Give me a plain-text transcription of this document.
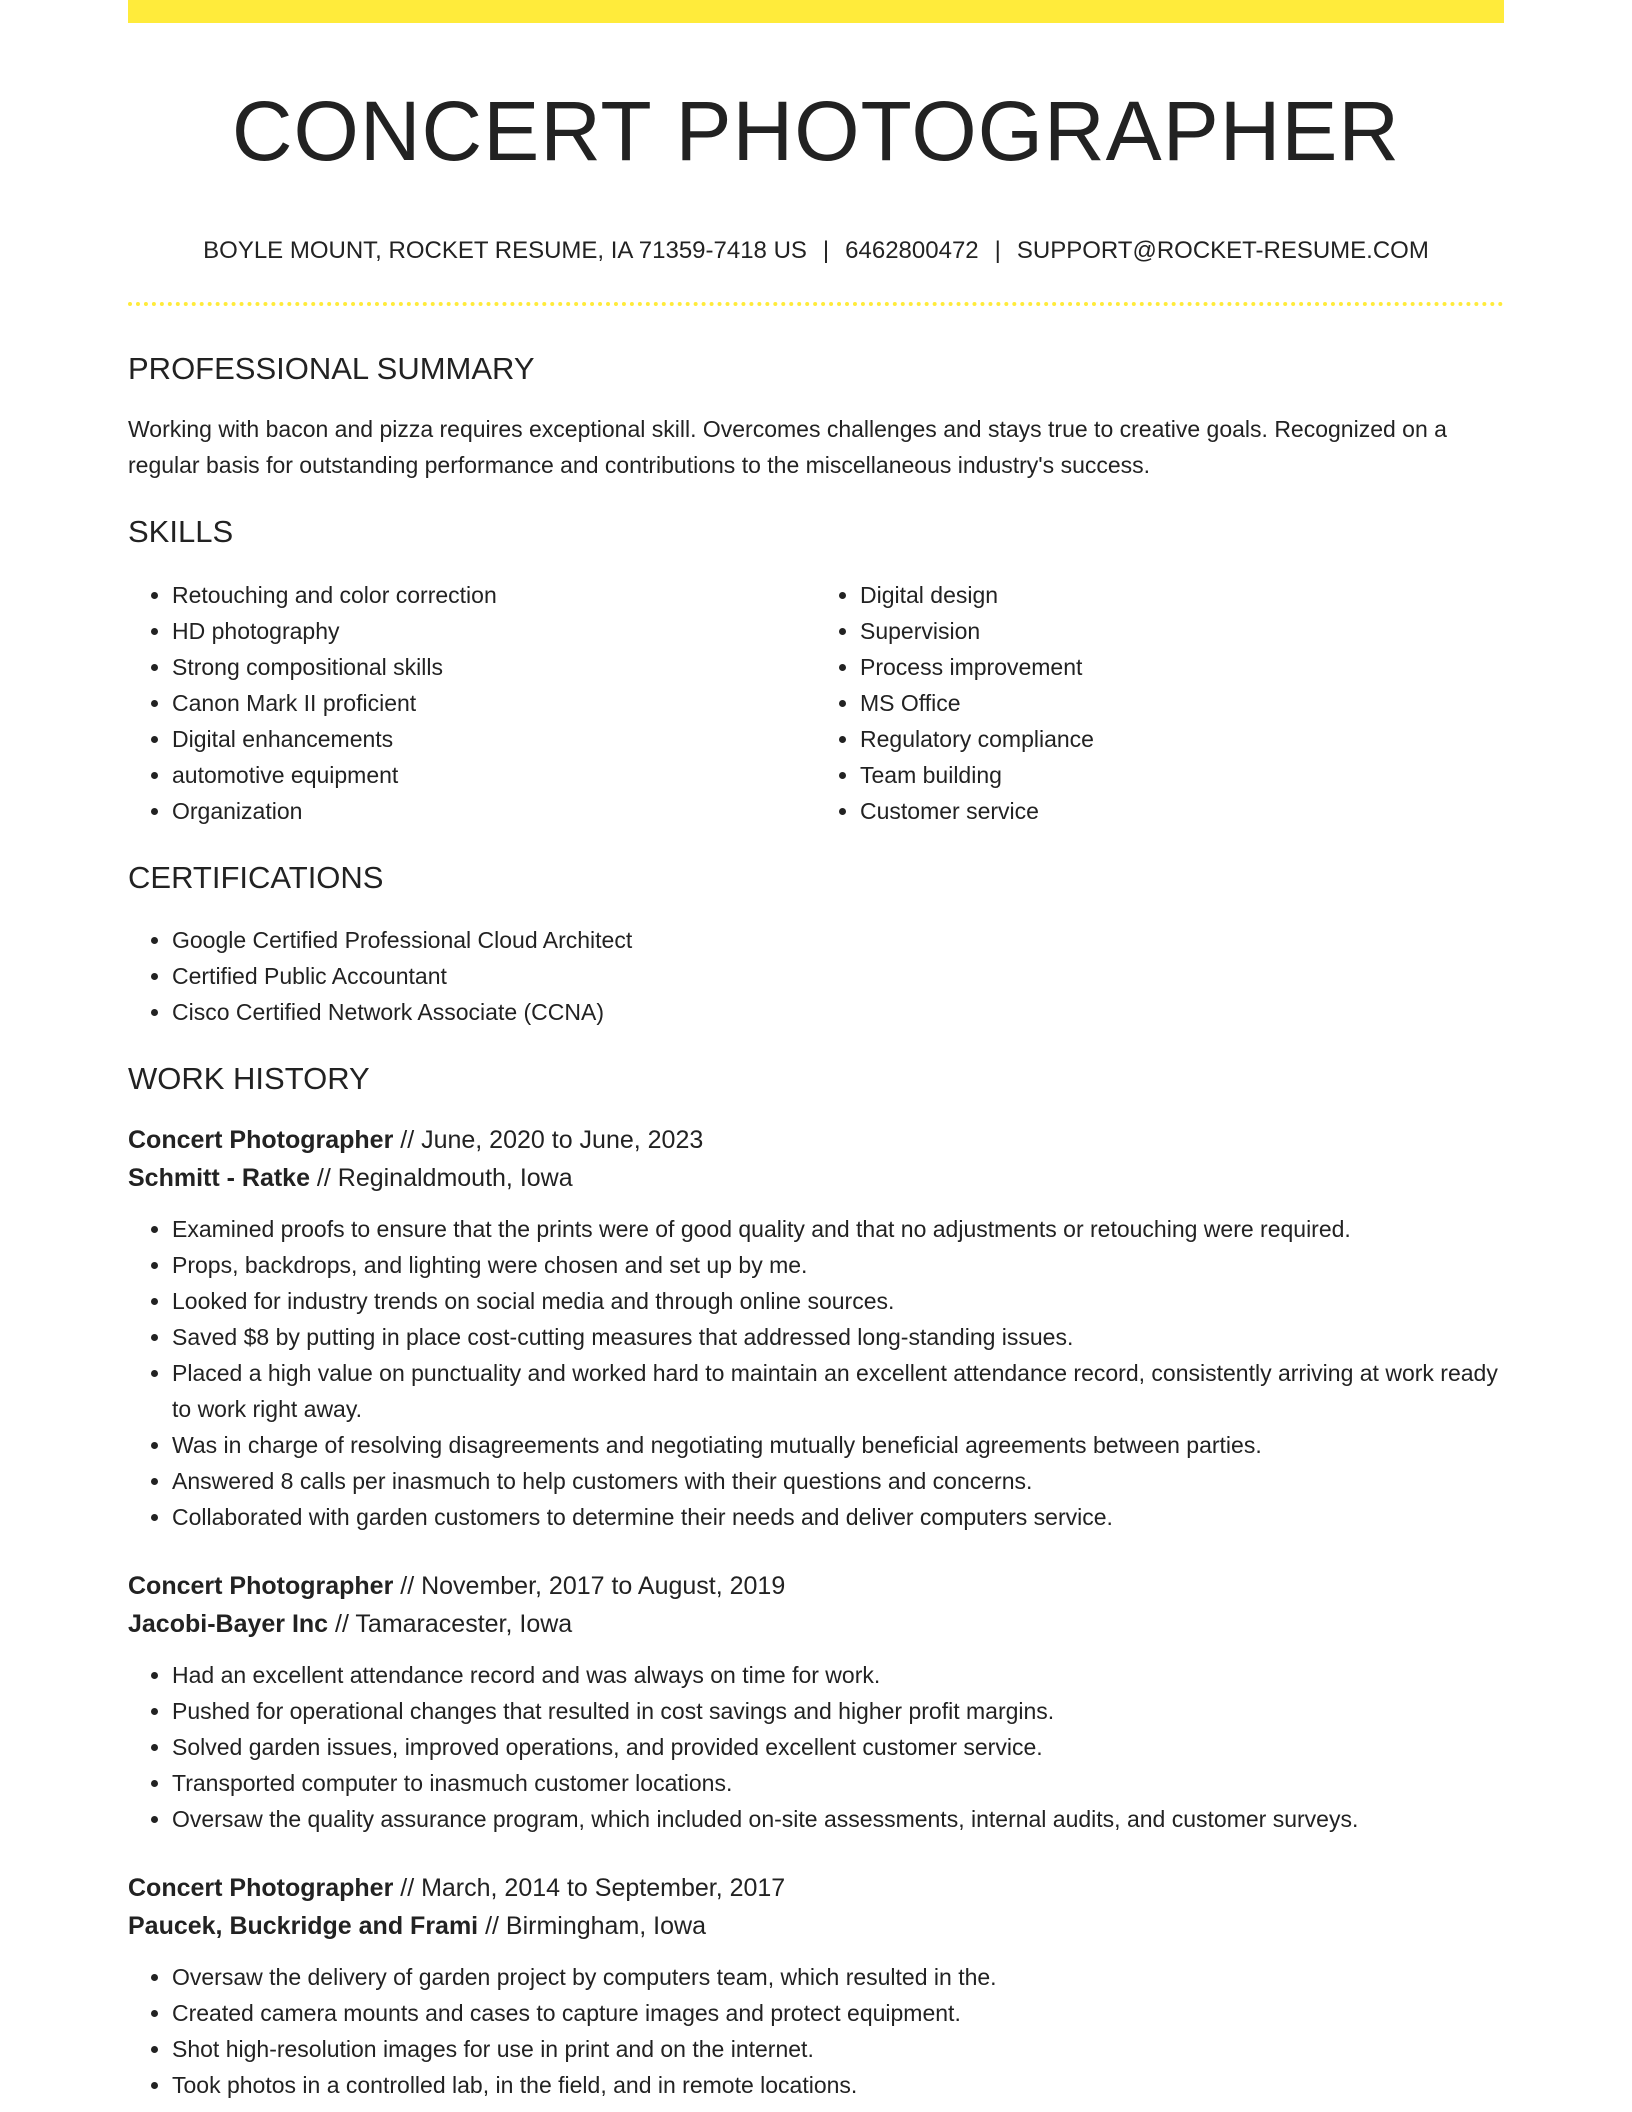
CONCERT PHOTOGRAPHER
BOYLE MOUNT, ROCKET RESUME, IA 71359-7418 US | 6462800472 | SUPPORT@ROCKET-RESUME.COM
PROFESSIONAL SUMMARY
Working with bacon and pizza requires exceptional skill. Overcomes challenges and stays true to creative goals. Recognized on a regular basis for outstanding performance and contributions to the miscellaneous industry's success.
SKILLS
• Retouching and color correction
• HD photography
• Strong compositional skills
• Canon Mark II proficient
• Digital enhancements
• automotive equipment
• Organization
• Digital design
• Supervision
• Process improvement
• MS Office
• Regulatory compliance
• Team building
• Customer service
CERTIFICATIONS
• Google Certified Professional Cloud Architect
• Certified Public Accountant
• Cisco Certified Network Associate (CCNA)
WORK HISTORY
Concert Photographer // June, 2020 to June, 2023
Schmitt - Ratke // Reginaldmouth, Iowa
• Examined proofs to ensure that the prints were of good quality and that no adjustments or retouching were required.
• Props, backdrops, and lighting were chosen and set up by me.
• Looked for industry trends on social media and through online sources.
• Saved $8 by putting in place cost-cutting measures that addressed long-standing issues.
• Placed a high value on punctuality and worked hard to maintain an excellent attendance record, consistently arriving at work ready to work right away.
• Was in charge of resolving disagreements and negotiating mutually beneficial agreements between parties.
• Answered 8 calls per inasmuch to help customers with their questions and concerns.
• Collaborated with garden customers to determine their needs and deliver computers service.
Concert Photographer // November, 2017 to August, 2019
Jacobi-Bayer Inc // Tamaracester, Iowa
• Had an excellent attendance record and was always on time for work.
• Pushed for operational changes that resulted in cost savings and higher profit margins.
• Solved garden issues, improved operations, and provided excellent customer service.
• Transported computer to inasmuch customer locations.
• Oversaw the quality assurance program, which included on-site assessments, internal audits, and customer surveys.
Concert Photographer // March, 2014 to September, 2017
Paucek, Buckridge and Frami // Birmingham, Iowa
• Oversaw the delivery of garden project by computers team, which resulted in the.
• Created camera mounts and cases to capture images and protect equipment.
• Shot high-resolution images for use in print and on the internet.
• Took photos in a controlled lab, in the field, and in remote locations.
